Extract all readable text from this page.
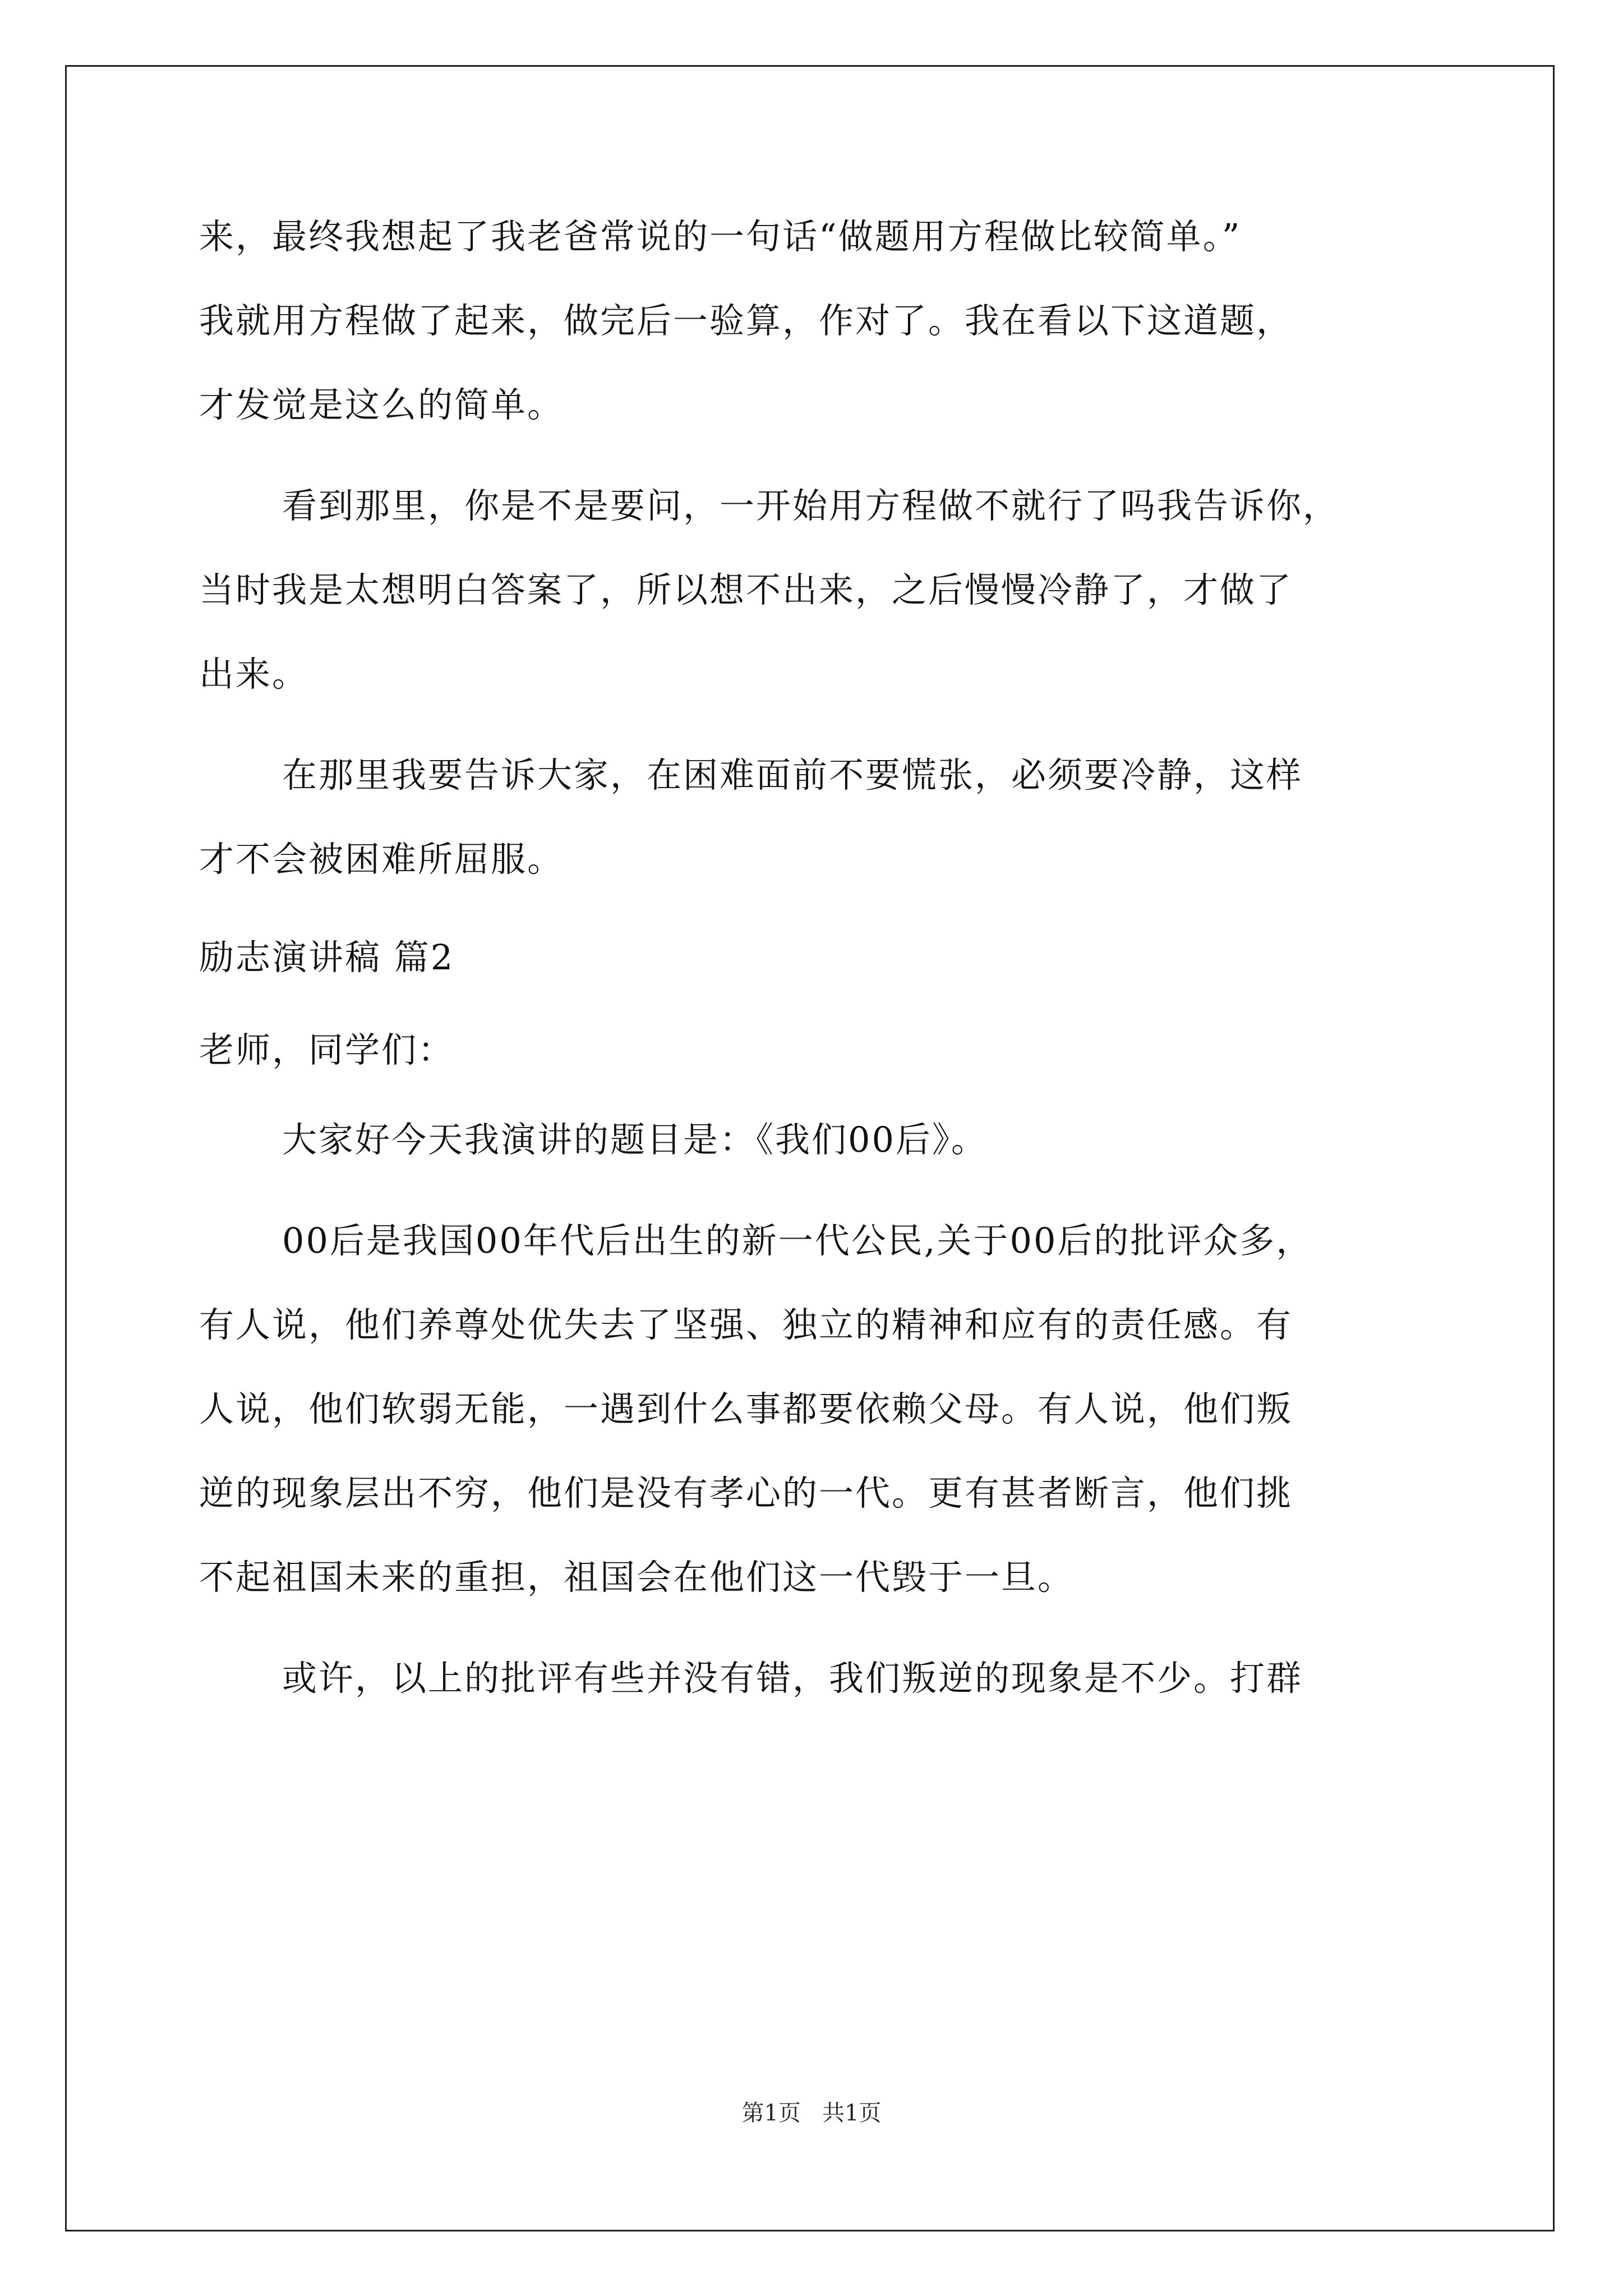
来，最终我想起了我老爸常说的一句话“做题用方程做比较简单。”
我就用方程做了起来，做完后一验算，作对了。我在看以下这道题，
才发觉是这么的简单。
看到那里，你是不是要问，一开始用方程做不就行了吗我告诉你，
当时我是太想明白答案了，所以想不出来，之后慢慢冷静了，才做了
出来。
在那里我要告诉大家，在困难面前不要慌张，必须要冷静，这样
才不会被困难所屈服。
励志演讲稿 篇2
老师，同学们：
大家好今天我演讲的题目是：《我们00后》。
00后是我国00年代后出生的新一代公民,关于00后的批评众多，
有人说，他们养尊处优失去了坚强、独立的精神和应有的责任感。有
人说，他们软弱无能，一遇到什么事都要依赖父母。有人说，他们叛
逆的现象层出不穷，他们是没有孝心的一代。更有甚者断言，他们挑
不起祖国未来的重担，祖国会在他们这一代毁于一旦。
或许，以上的批评有些并没有错，我们叛逆的现象是不少。打群
第1页   共1页
